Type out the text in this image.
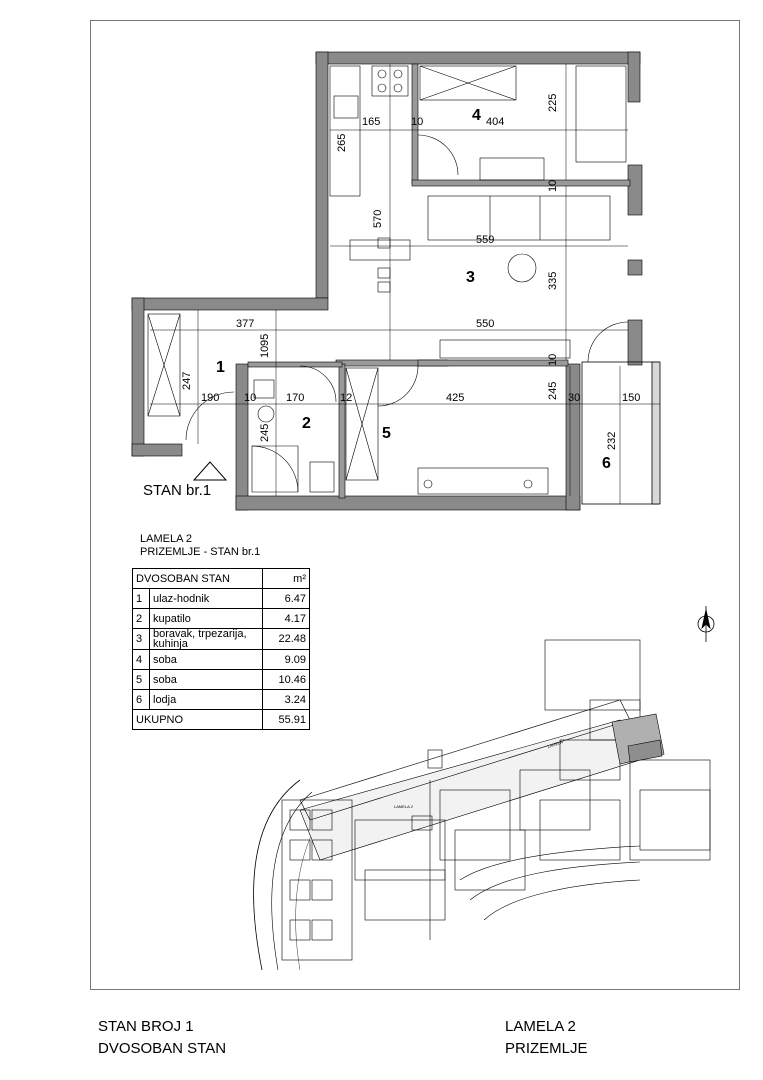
165	10	404
225
265
570
10
559
335
377	550
10
95
247
190 10	170	12	425	245
10
30	150
245	232
1
2
3
4
5
6
LAMELA 2
LAMELA
STAN br.1
LAMELA 2
PRIZEMLJE - STAN br.1
DVOSOBAN STAN		m²
1	ulaz-hodnik	6.47
2	kupatilo	4.17
3	boravak, trpezarija,
kuhinja	22.48
4	soba	9.09
5	soba	10.46
6	lodja	3.24
UKUPNO		55.91
STAN BROJ 1
DVOSOBAN STAN
LAMELA 2
PRIZEMLJE
